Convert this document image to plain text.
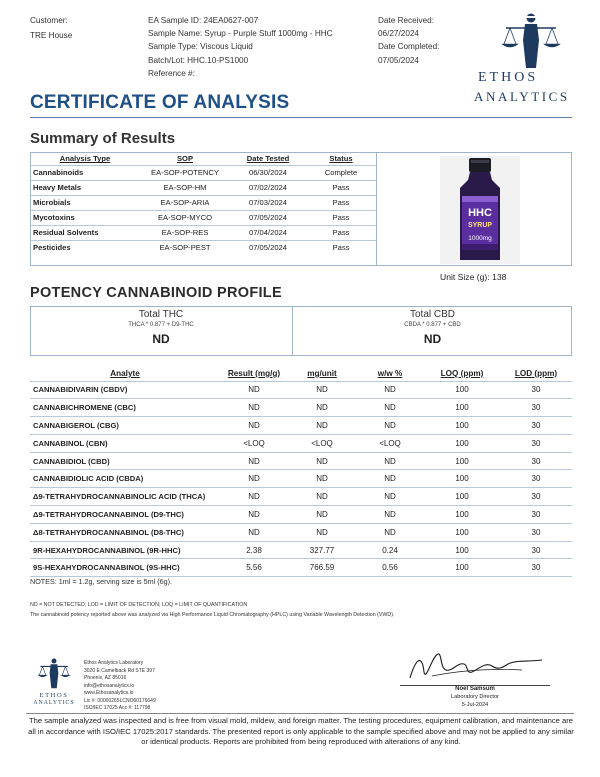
Customer:
TRE House
EA Sample ID: 24EA0627-007
Sample Name: Syrup - Purple Stuff 1000mg - HHC
Sample Type: Viscous Liquid
Batch/Lot: HHC.10-PS1000
Reference #:
Date Received:
06/27/2024
Date Completed:
07/05/2024
ETHOS
ANALYTICS
CERTIFICATE OF ANALYSIS
Summary of Results
Analysis Type	SOP	Date Tested	Status
Cannabinoids	EA-SOP-POTENCY	06/30/2024	Complete
Heavy Metals	EA-SOP-HM	07/02/2024	Pass
Microbials	EA-SOP-ARIA	07/03/2024	Pass
Mycotoxins	EA-SOP-MYCO	07/05/2024	Pass
Residual Solvents	EA-SOP-RES	07/04/2024	Pass
Pesticides	EA-SOP-PEST	07/05/2024	Pass
HHC
SYRUP
1000mg
Unit Size (g): 138
POTENCY CANNABINOID PROFILE
Total THC
THCA * 0.877 + D9-THC
ND
Total CBD
CBDA * 0.877 + CBD
ND
Analyte	Result (mg/g)	mg/unit	w/w %	LOQ (ppm)	LOD (ppm)
CANNABIDIVARIN (CBDV)	ND	ND	ND	100	30
CANNABICHROMENE (CBC)	ND	ND	ND	100	30
CANNABIGEROL (CBG)	ND	ND	ND	100	30
CANNABINOL (CBN)	<LOQ	<LOQ	<LOQ	100	30
CANNABIDIOL (CBD)	ND	ND	ND	100	30
CANNABIDIOLIC ACID (CBDA)	ND	ND	ND	100	30
Δ9-TETRAHYDROCANNABINOLIC ACID (THCA)	ND	ND	ND	100	30
Δ9-TETRAHYDROCANNABINOL (D9-THC)	ND	ND	ND	100	30
Δ8-TETRAHYDROCANNABINOL (D8-THC)	ND	ND	ND	100	30
9R-HEXAHYDROCANNABINOL (9R-HHC)	2.38	327.77	0.24	100	30
9S-HEXAHYDROCANNABINOL (9S-HHC)	5.56	766.59	0.56	100	30
NOTES: 1ml = 1.2g, serving size is 5ml (6g).
ND = NOT DETECTED; LOD = LIMIT OF DETECTION; LOQ = LIMIT OF QUANTIFICATION
The cannabinoid potency reported above was analyzed via High Performance Liquid Chromatography (HPLC) using Variable Wavelength Detection (VWD).
ETHOS
ANALYTICS
Ethos Analytics Laboratory
3020 E Camelback Rd STE 397
Phoenix, AZ 85016
info@ethosanalytics.io
www.Ethosanalytics.io
Lic #: 00000265LCNO60176649
ISO/IEC 17025 Acc #: 117798
Noel Samsum
Laboratory Director
5-Jul-2024
The sample analyzed was inspected and is free from visual mold, mildew, and foreign matter. The testing procedures, equipment calibration, and maintenance are all in accordance with ISO/IEC 17025:2017 standards. The presented report is only applicable to the sample specified above and may not be applied to any similar or identical products. Reports are prohibited from being reproduced with alterations of any kind.
